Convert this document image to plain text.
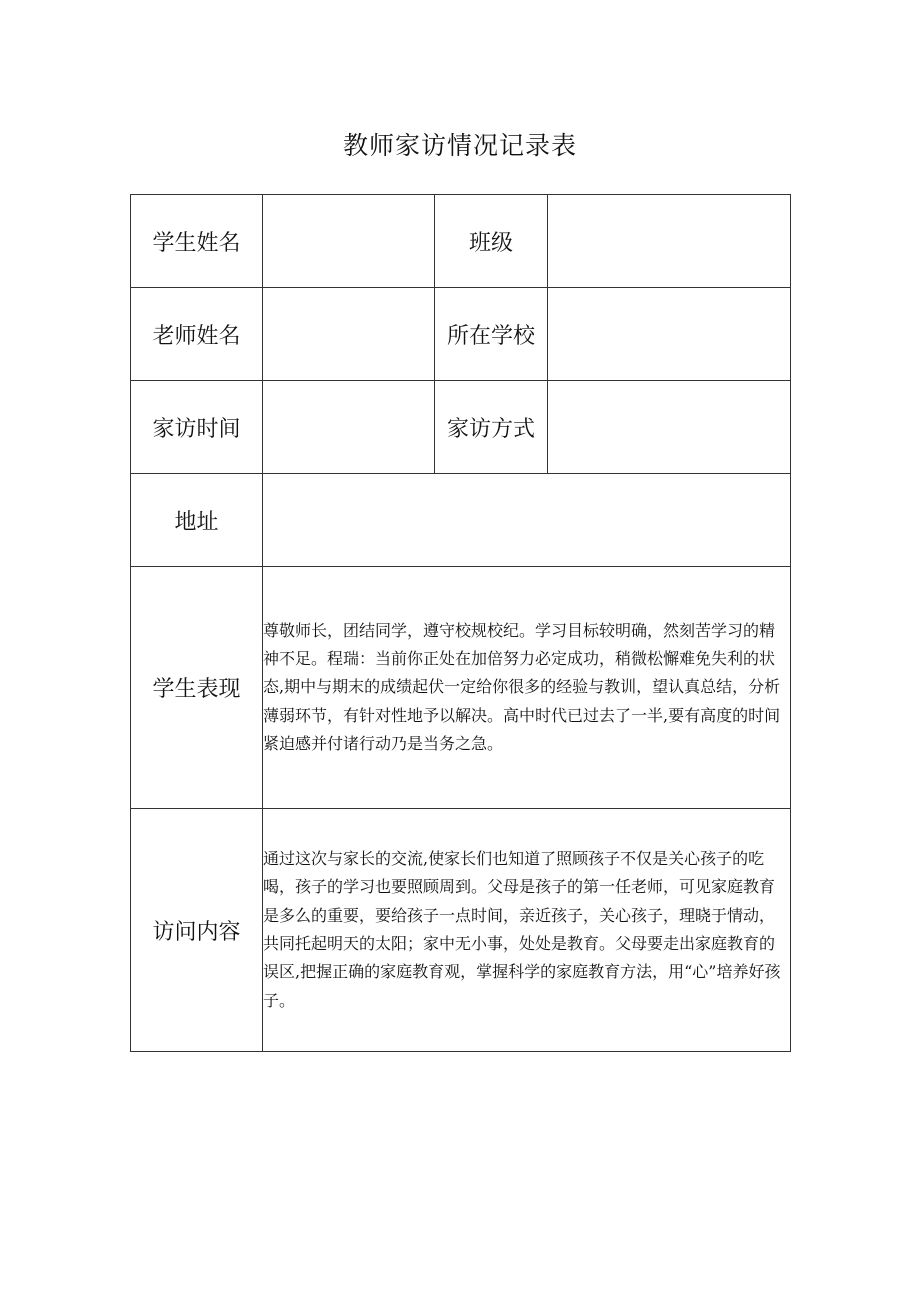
教师家访情况记录表
学生姓名		班级	
老师姓名		所在学校	
家访时间		家访方式	
地址			
学生表现	尊敬师长，团结同学，遵守校规校纪。学习目标较明确，然刻苦学习的精神不足。程瑞：当前你正处在加倍努力必定成功，稍微松懈难免失利的状态,期中与期末的成绩起伏一定给你很多的经验与教训，望认真总结，分析薄弱环节，有针对性地予以解决。高中时代已过去了一半,要有高度的时间紧迫感并付诸行动乃是当务之急。		

访问内容	通过这次与家长的交流,使家长们也知道了照顾孩子不仅是关心孩子的吃喝，孩子的学习也要照顾周到。父母是孩子的第一任老师，可见家庭教育是多么的重要，要给孩子一点时间，亲近孩子，关心孩子，理晓于情动，共同托起明天的太阳；家中无小事，处处是教育。父母要走出家庭教育的误区,把握正确的家庭教育观，掌握科学的家庭教育方法，用“心”培养好孩子。		
